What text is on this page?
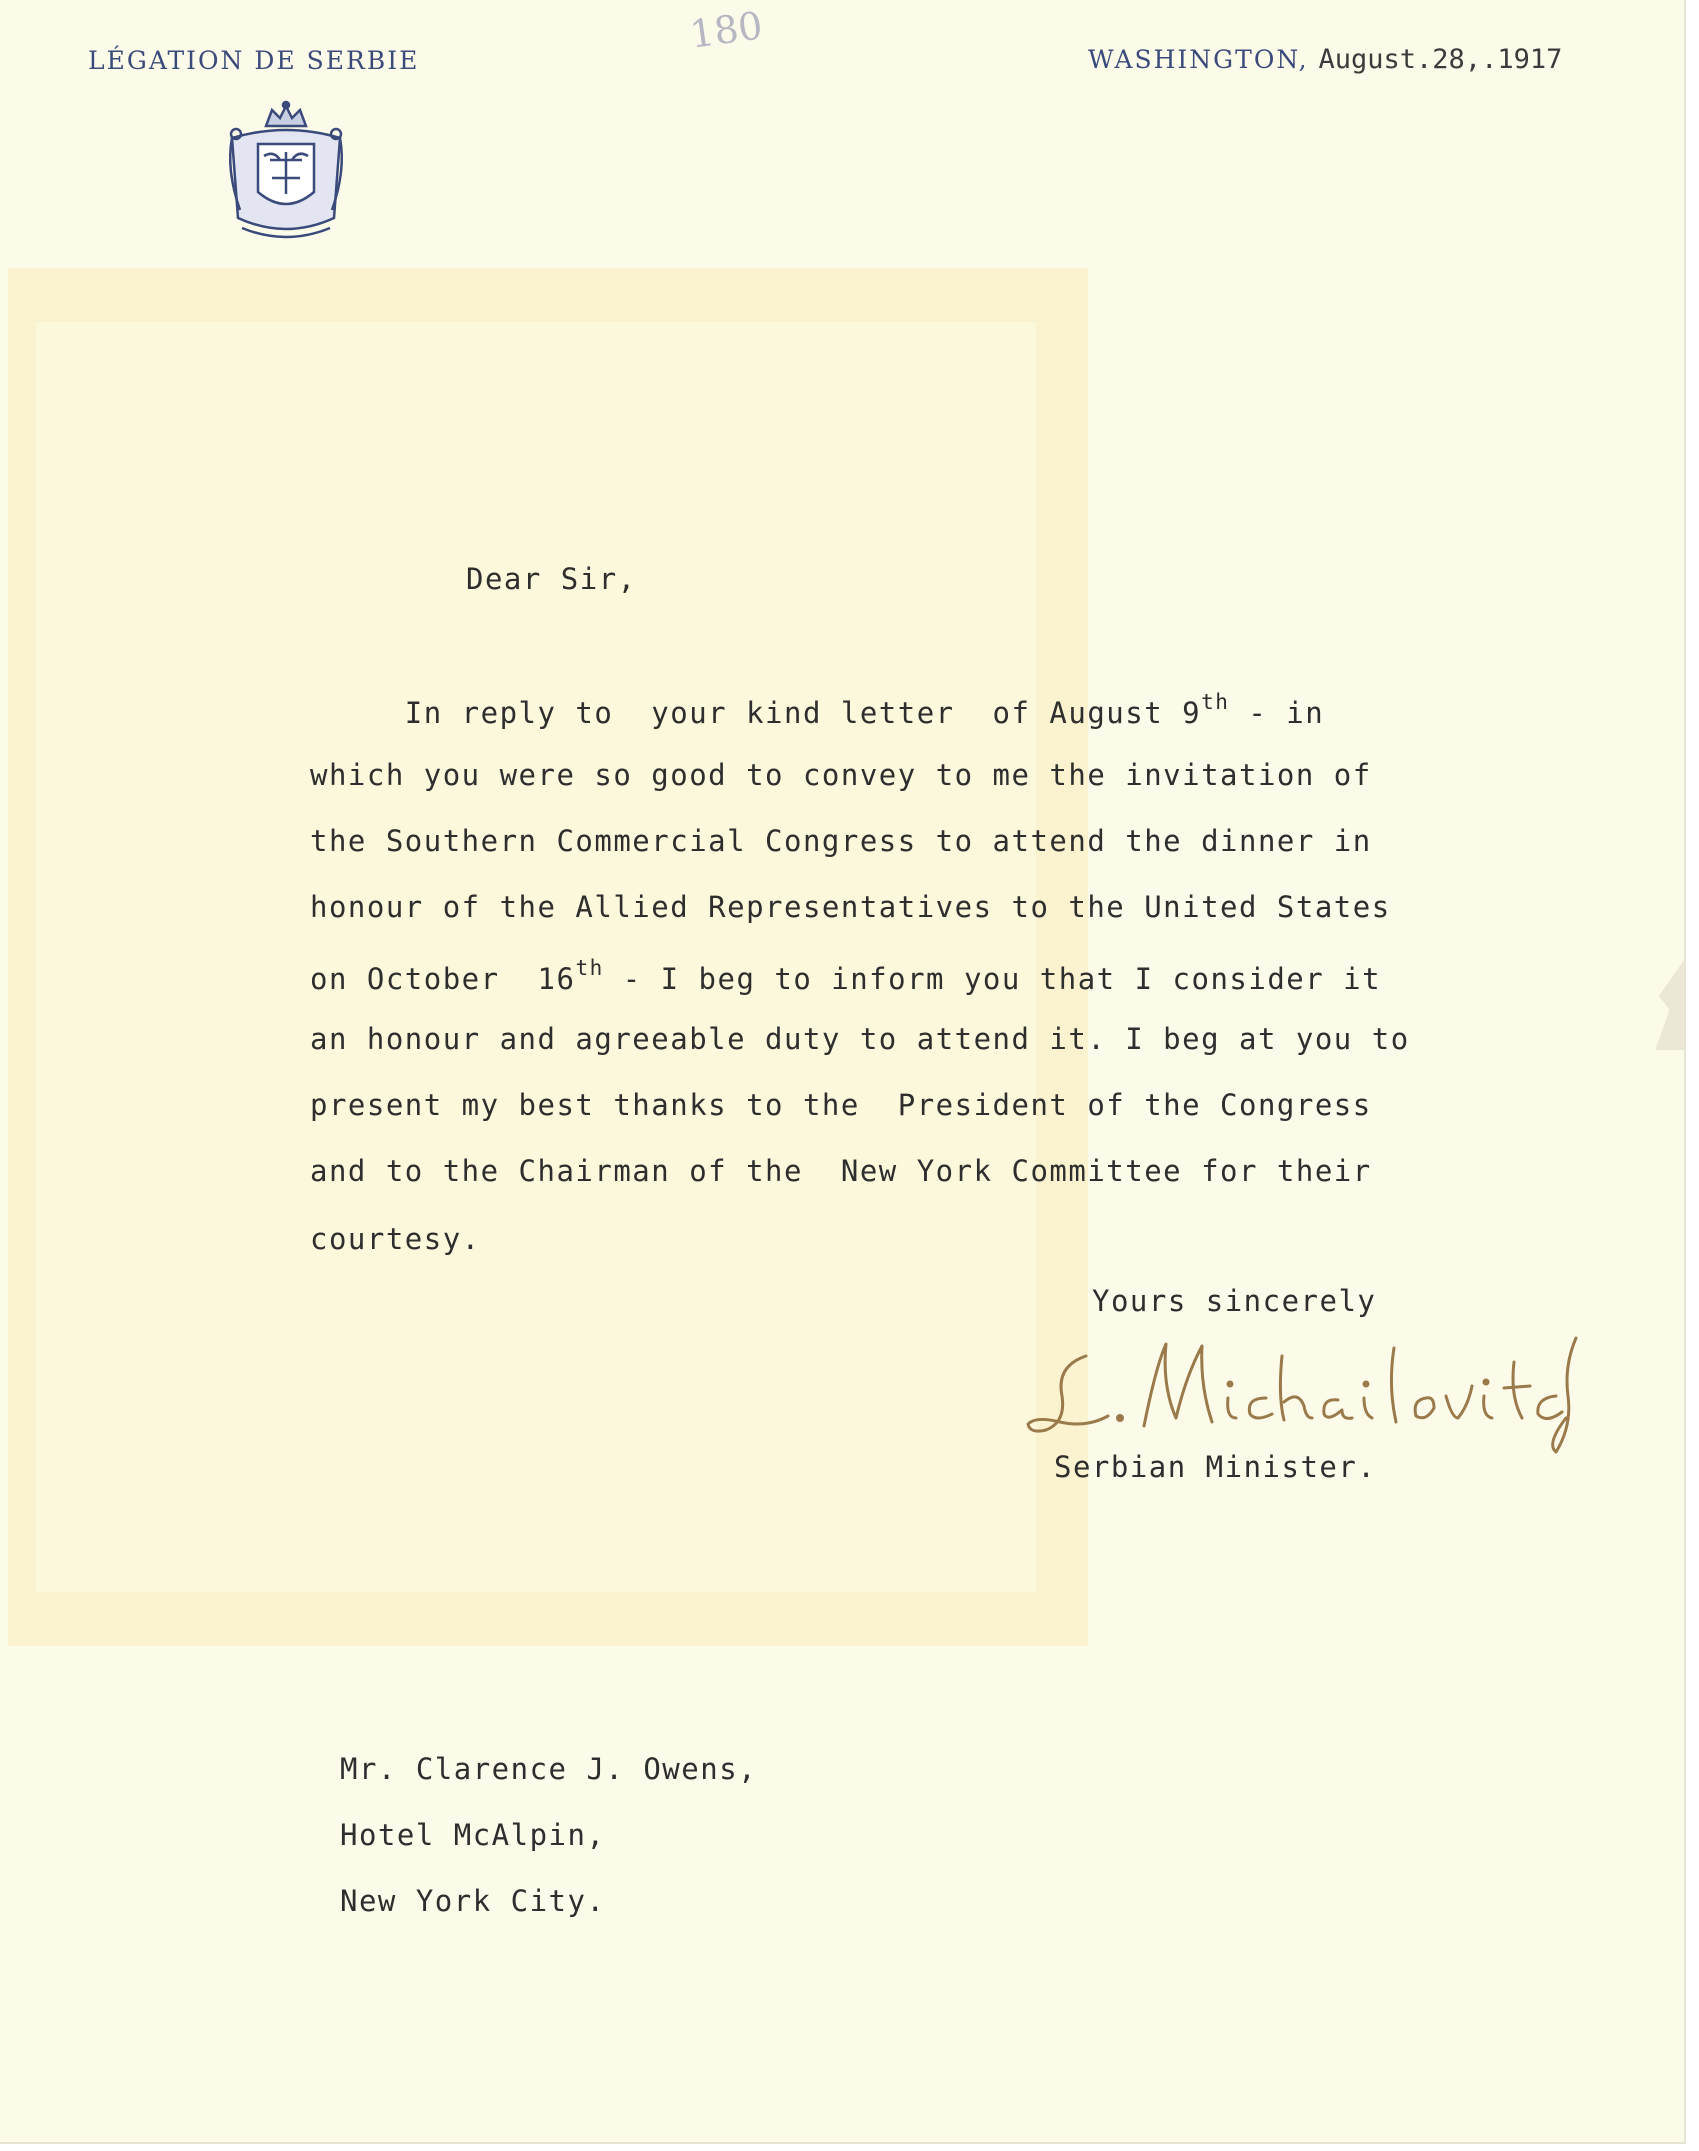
LÉGATION DE SERBIE	WASHINGTON, August.28,.1917
180
Dear Sir,
In reply to  your kind letter  of August 9th - in
which you were so good to convey to me the invitation of
the Southern Commercial Congress to attend the dinner in
honour of the Allied Representatives to the United States
on October  16th - I beg to inform you that I consider it
an honour and agreeable duty to attend it. I beg at you to
present my best thanks to the  President of the Congress
and to the Chairman of the  New York Committee for their
courtesy.
Yours sincerely
Serbian Minister.
Mr. Clarence J. Owens,
Hotel McAlpin,
New York City.
